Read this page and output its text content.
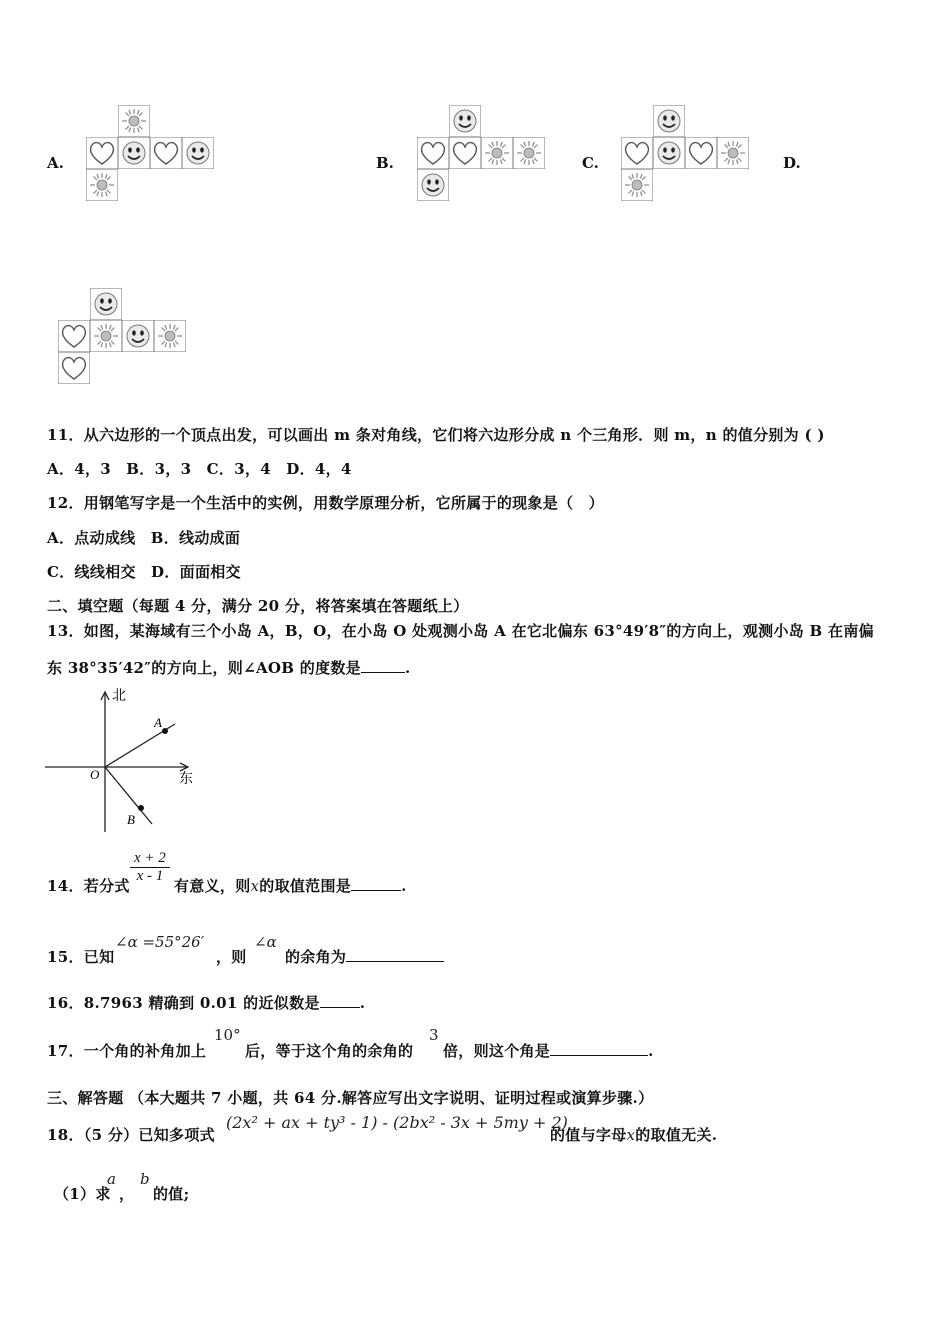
A.	B.	C.	D.
11．从六边形的一个顶点出发，可以画出 m 条对角线，它们将六边形分成 n 个三角形．则 m，n 的值分别为 ( )
A．4，3　B．3，3　C．3，4　D．4，4
12．用钢笔写字是一个生活中的实例，用数学原理分析，它所属于的现象是（　）
A．点动成线　B．线动成面
C．线线相交　D．面面相交
二、填空题（每题 4 分，满分 20 分，将答案填在答题纸上）
13．如图，某海域有三个小岛 A，B，O，在小岛 O 处观测小岛 A 在它北偏东 63°49′8″的方向上，观测小岛 B 在南偏
东 38°35′42″的方向上，则∠AOB 的度数是	.
北
东
O
A
B
14．若分式
$\frac{x + 2}{x - 1}$
有意义，则x的取值范围是	.
15．已知
∠α =55°26′
，则
∠α
的余角为
16．8.7963 精确到 0.01 的近似数是	.
17．一个角的补角加上
10°
后，等于这个角的余角的
3
倍，则这个角是	.
三、解答题 （本大题共 7 小题，共 64 分.解答应写出文字说明、证明过程或演算步骤.）
18．（5 分）已知多项式
(2x² + ax + ty³ - 1) - (2bx² - 3x + 5my + 2)
的值与字母x的取值无关.
（1）求
a
，
b
的值;
